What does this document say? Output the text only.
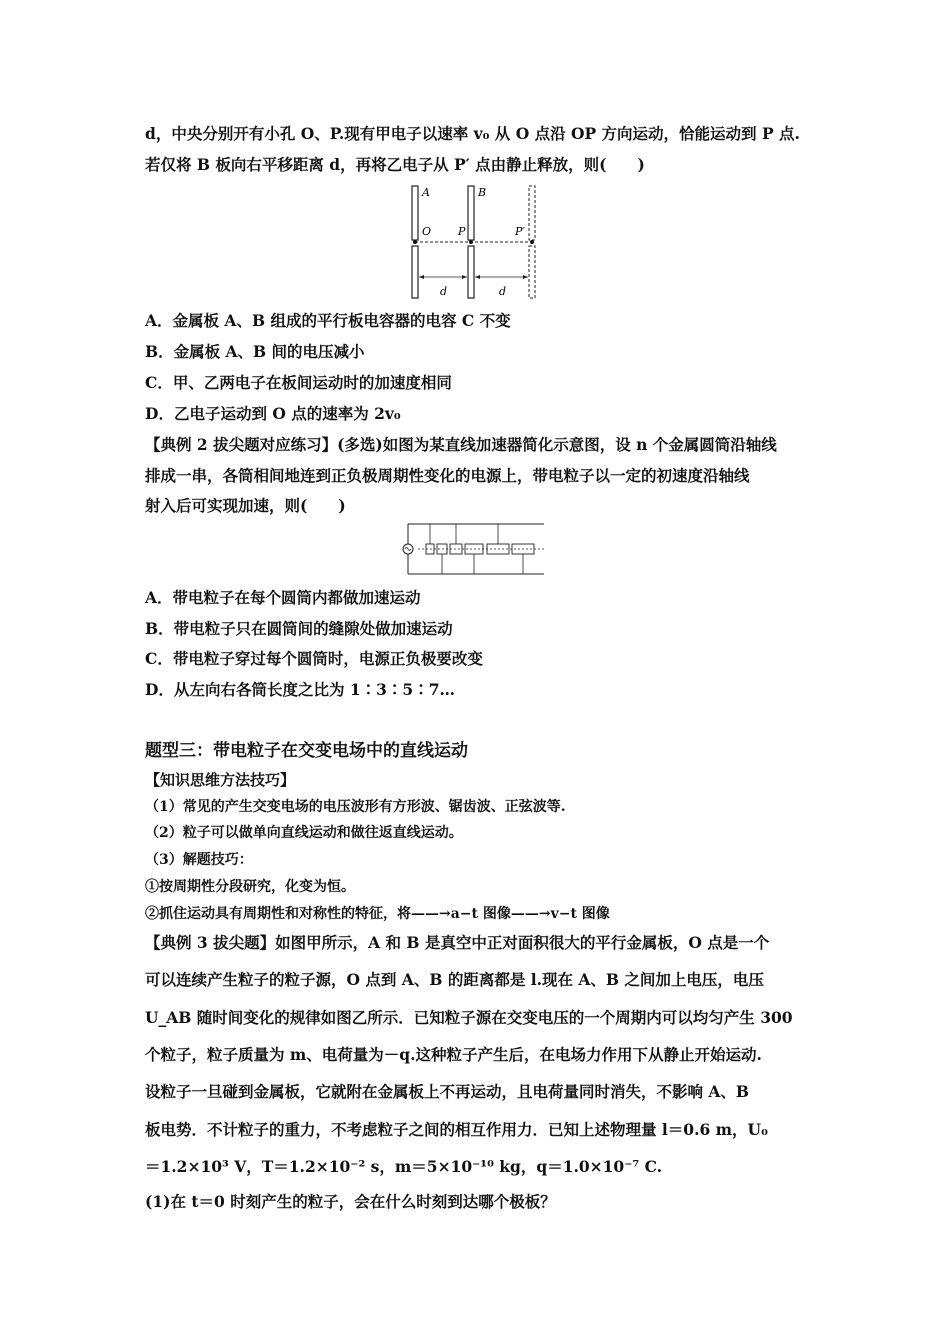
d，中央分别开有小孔 O、P.现有甲电子以速率 v₀ 从 O 点沿 OP 方向运动，恰能运动到 P 点.
若仅将 B 板向右平移距离 d，再将乙电子从 P′ 点由静止释放，则(　　)
A	B
O P	P′
d	d
A．金属板 A、B 组成的平行板电容器的电容 C 不变
B．金属板 A、B 间的电压减小
C．甲、乙两电子在板间运动时的加速度相同
D．乙电子运动到 O 点的速率为 2v₀
【典例 2 拔尖题对应练习】(多选)如图为某直线加速器简化示意图，设 n 个金属圆筒沿轴线
排成一串，各筒相间地连到正负极周期性变化的电源上，带电粒子以一定的初速度沿轴线
射入后可实现加速，则(　　)
A．带电粒子在每个圆筒内都做加速运动
B．带电粒子只在圆筒间的缝隙处做加速运动
C．带电粒子穿过每个圆筒时，电源正负极要改变
D．从左向右各筒长度之比为 1∶3∶5∶7…
题型三：带电粒子在交变电场中的直线运动
【知识思维方法技巧】
（1）常见的产生交变电场的电压波形有方形波、锯齿波、正弦波等.
（2）粒子可以做单向直线运动和做往返直线运动。
（3）解题技巧：
①按周期性分段研究，化变为恒。
②抓住运动具有周期性和对称性的特征，将——→a−t 图像——→v−t 图像
【典例 3 拔尖题】如图甲所示，A 和 B 是真空中正对面积很大的平行金属板，O 点是一个
可以连续产生粒子的粒子源，O 点到 A、B 的距离都是 l.现在 A、B 之间加上电压，电压
U_AB 随时间变化的规律如图乙所示．已知粒子源在交变电压的一个周期内可以均匀产生 300
个粒子，粒子质量为 m、电荷量为－q.这种粒子产生后，在电场力作用下从静止开始运动.
设粒子一旦碰到金属板，它就附在金属板上不再运动，且电荷量同时消失，不影响 A、B
板电势．不计粒子的重力，不考虑粒子之间的相互作用力．已知上述物理量 l＝0.6 m，U₀
＝1.2×10³ V，T＝1.2×10⁻² s，m＝5×10⁻¹⁰ kg，q＝1.0×10⁻⁷ C.
(1)在 t＝0 时刻产生的粒子，会在什么时刻到达哪个极板？
